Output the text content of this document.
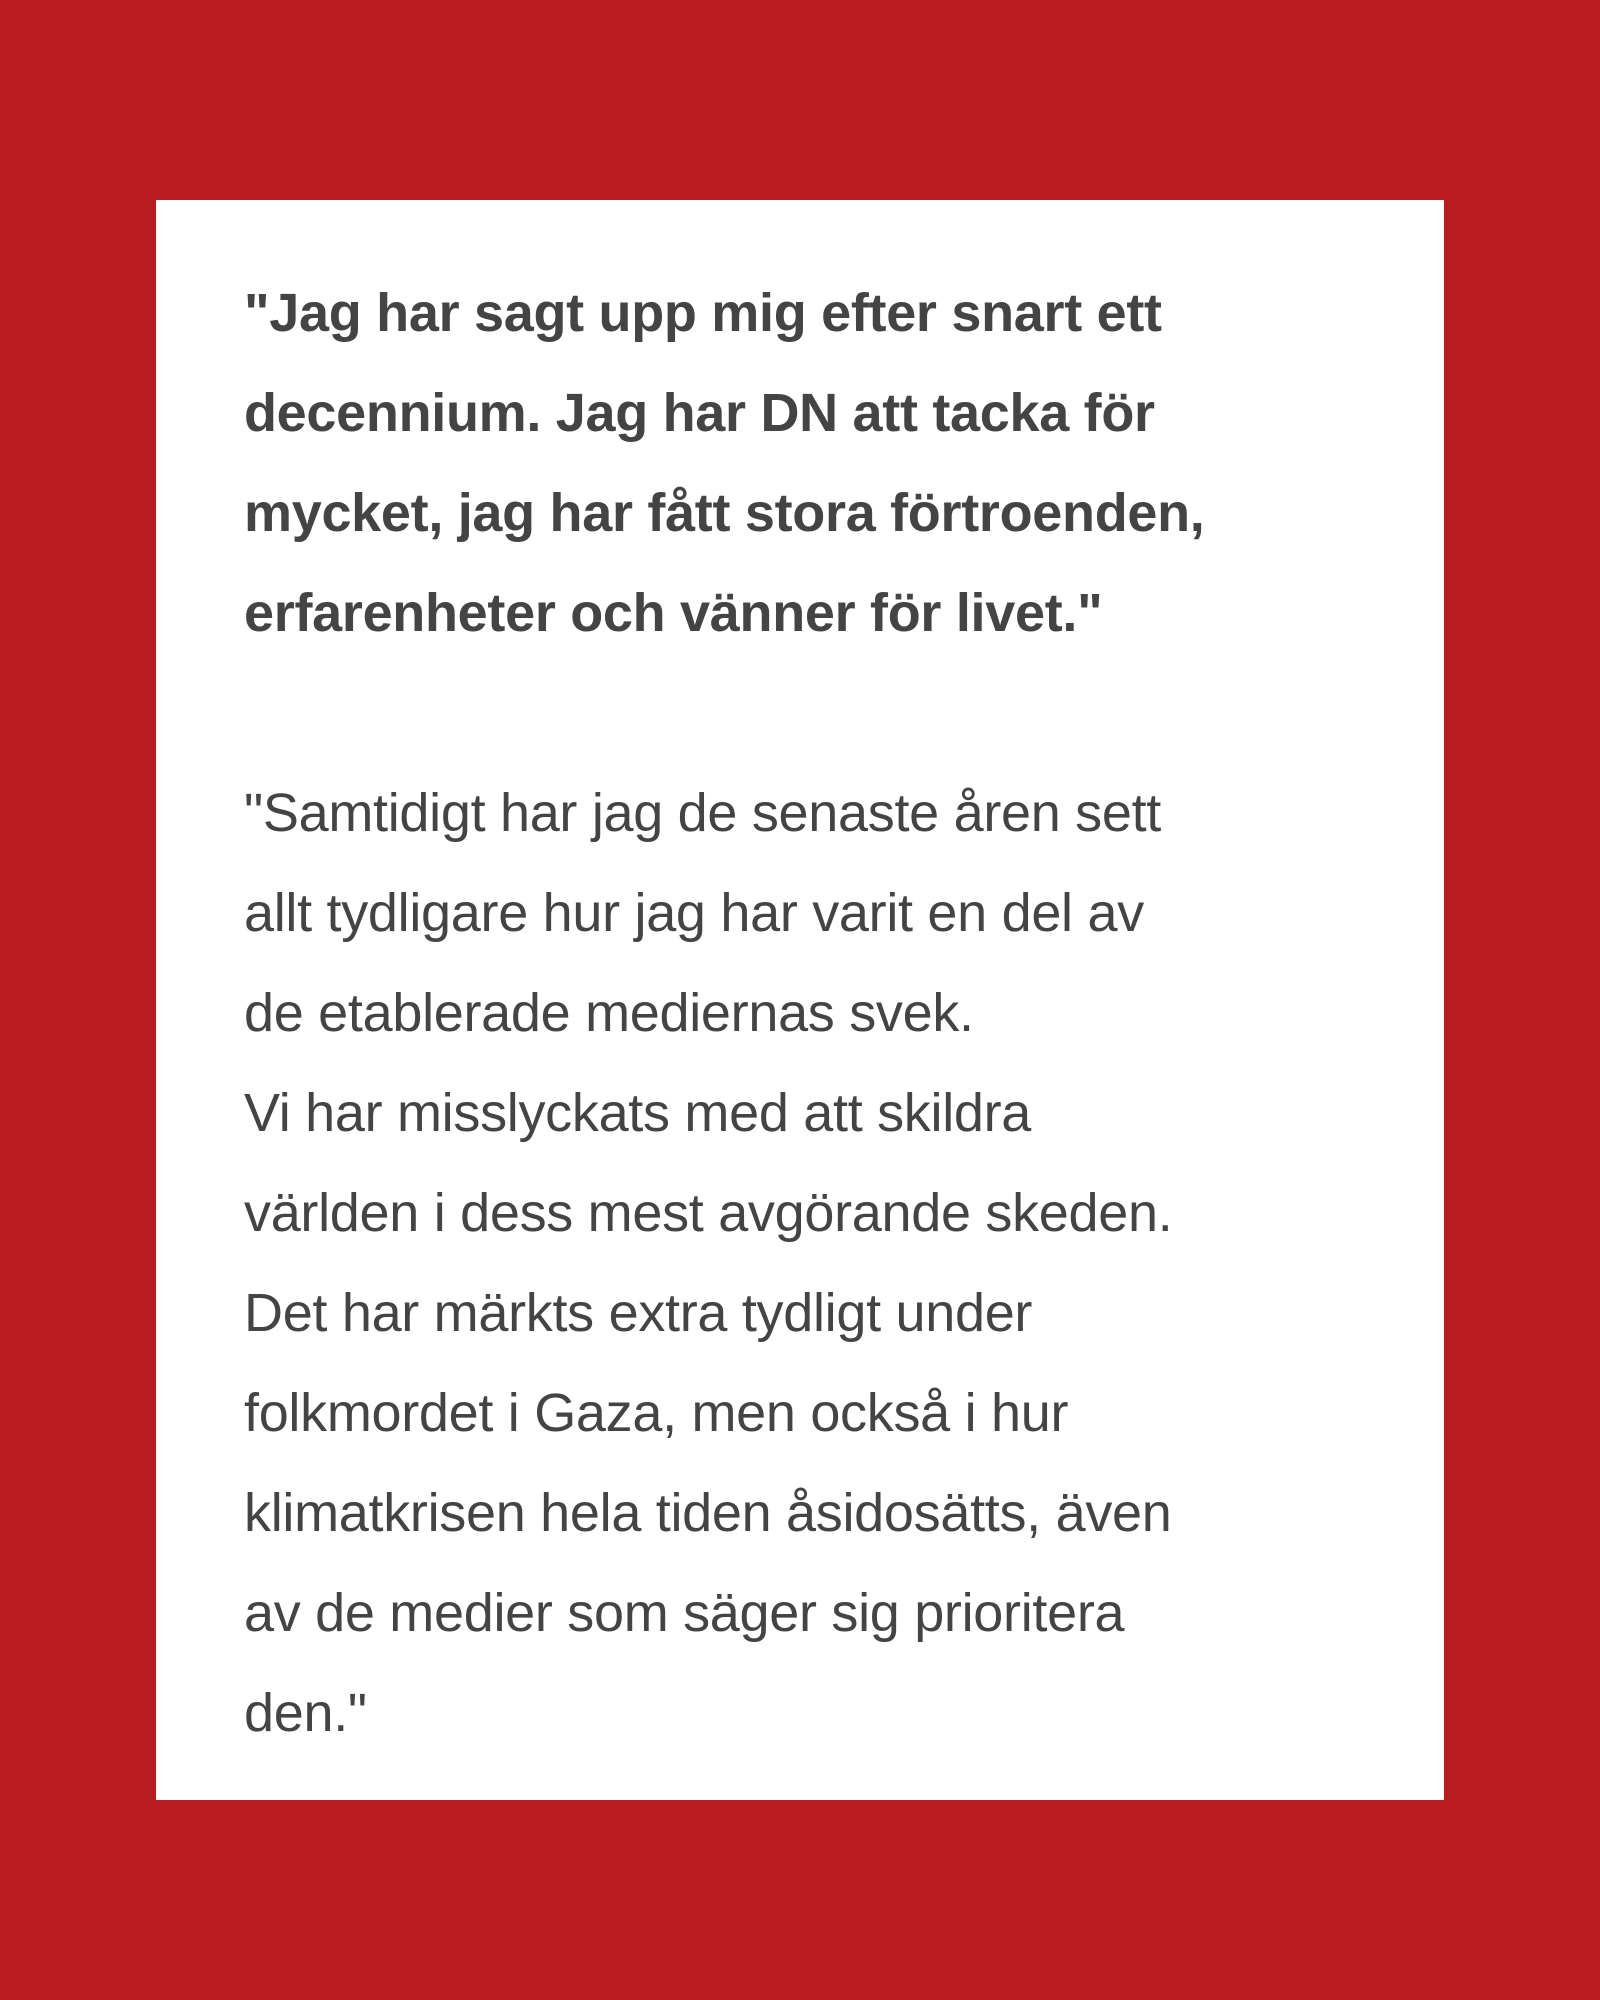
"Jag har sagt upp mig efter snart ett
decennium. Jag har DN att tacka för
mycket, jag har fått stora förtroenden,
erfarenheter och vänner för livet."

"Samtidigt har jag de senaste åren sett
allt tydligare hur jag har varit en del av
de etablerade mediernas svek.
Vi har misslyckats med att skildra
världen i dess mest avgörande skeden.
Det har märkts extra tydligt under
folkmordet i Gaza, men också i hur
klimatkrisen hela tiden åsidosätts, även
av de medier som säger sig prioritera
den."
